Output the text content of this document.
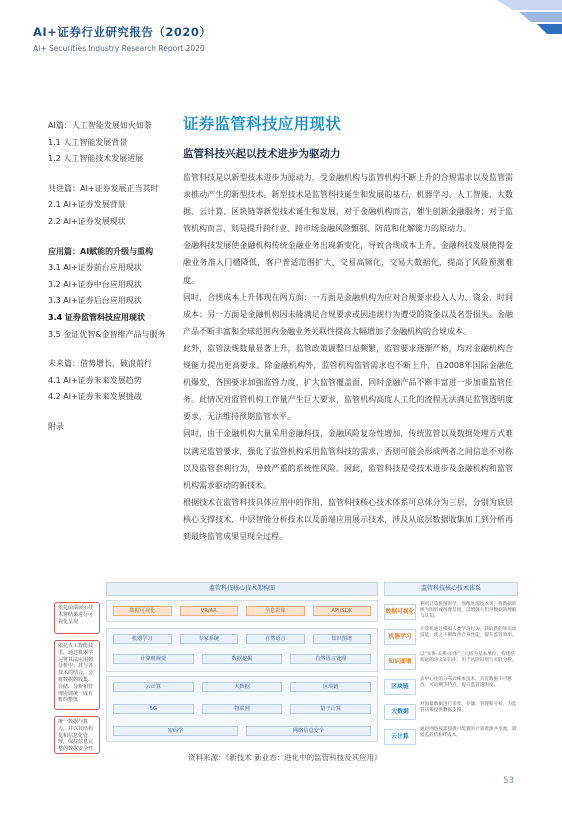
AI+证券行业研究报告（2020）
AI+ Securities Industry Research Report 2020
AI篇：人工智能发展如火如荼
1.1 人工智能发展背景
1.2 人工智能技术发展进展
共进篇：AI+证券发展正当其时
2.1 AI+证券发展背景
2.2 AI+证券发展现状
应用篇：AI赋能的升级与重构
3.1 AI+证券前台应用现状
3.2 AI+证券中台应用现状
3.3 AI+证券后台应用现状
3.4 证券监管科技应用现状
3.5 金证优智&金智维产品与服务
未来篇：借势增长，破浪前行
4.1 AI+证券未来发展趋势
4.2 AI+证券未来发展挑战
附录
证券监管科技应用现状
监管科技兴起以技术进步为驱动力

监管科技是以新型技术进步为原动力，受金融机构与监管机构不断上升的合规需求以及监管需求推动产生的新型技术。新型技术是监管科技诞生和发展的基石，机器学习、人工智能、大数据、云计算、区块链等新型技术诞生和发展，对于金融机构而言，催生创新金融服务；对于监管机构而言，则是提升跨行业、跨市场金融风险甄别、防范和化解能力的原动力。

金融科技发展使金融机构传统金融业务出现新变化，导致合规成本上升。金融科技发展使得金融业务准入门槛降低，客户普适范围扩大，交易高频化，交易大数据化，提高了风险预测难度。

同时，合规成本上升体现在两方面：一方面是金融机构为应对合规要求投入人力、资金、时间成本；另一方面是金融机构因未能满足合规要求或因违规行为遭受的资金以及名誉损失。金融产品不断丰富和全球范围内金融业务关联性提高大幅增加了金融机构的合规成本。

此外，监管法规数量显著上升，监管政策调整日益频繁，监管要求逐渐严格，均对金融机构合规能力提出更高要求。除金融机构外，监管机构监管需求也不断上升，自2008年国际金融危机爆发，各国要求加强监管力度，扩大监管覆盖面，同时金融产品不断丰富进一步加重监管任务。此情况对监管机构工作量产生巨大要求，监管机构高度人工化的流程无法满足监管透明度要求，无法维持预期监管水平。

同时，由于金融机构大量采用金融科技，金融风险复杂性增加，传统监管以及数据处理方式难以满足监管要求，强化了监管机构采用监管科技的需求，否则可能会形成两者之间信息不对称以及监管套利行为，导致严重的系统性风险。因此，监管科技是受技术进步及金融机构和监管机构需求驱动的新技术。

根据技术在监管科技具体应用中的作用，监管科技核心技术体系可总体分为三层，分别为底层核心支撑技术、中层智能分析技术以及前端应用展示技术，涉及从底层数据收集加工到分析再到最终监管成果呈现全过程。

依托前端展示技术将结果进行可视化呈现
依托人工智能技术，通过机器学习将算法应用到分析中；其与各技术的结合，会将数据的收集、存储、分析和管理协调统一成有机的整体
统一数据与算力，并以其结构化和信息化管理，保持信息完整的数据安全性
监管科技核心技术架构图
数据可视化	VR/AR	全息影像	API/SDK
机器学习	专家系统	自然语言	知识图谱
计算机视觉	数据挖掘	自然语言处理
云计算	大数据	区块链
5G	物联网	量子计算
密码学	网络信息安全
监管科技核心技术体系
数据可视化
利用计算机图形学、图像处理技术等，将数据转换为图形或图像呈现，以增强人们对数据的理解与认知。
机器学习
计算机通过模拟人类学习行为，获取新的知识或技能，使之不断改善自身性能，提升监管效率。
知识图谱
以"实体-关系-实体"三元组为基本单位，构建结构化的语义知识库，用于风险识别与关联分析。
区块链
去中心化的分布式账本技术，具有数据不可篡改、可追溯等特点，提升监管透明度。
大数据
对海量数据进行采集、存储、管理和分析，为监管决策提供数据支撑。
云计算
通过网络按需提供可配置的计算资源共享池，降低监管机构IT成本。
资料来源：《新技术 新业态：进化中的监管科技及其应用》
53
